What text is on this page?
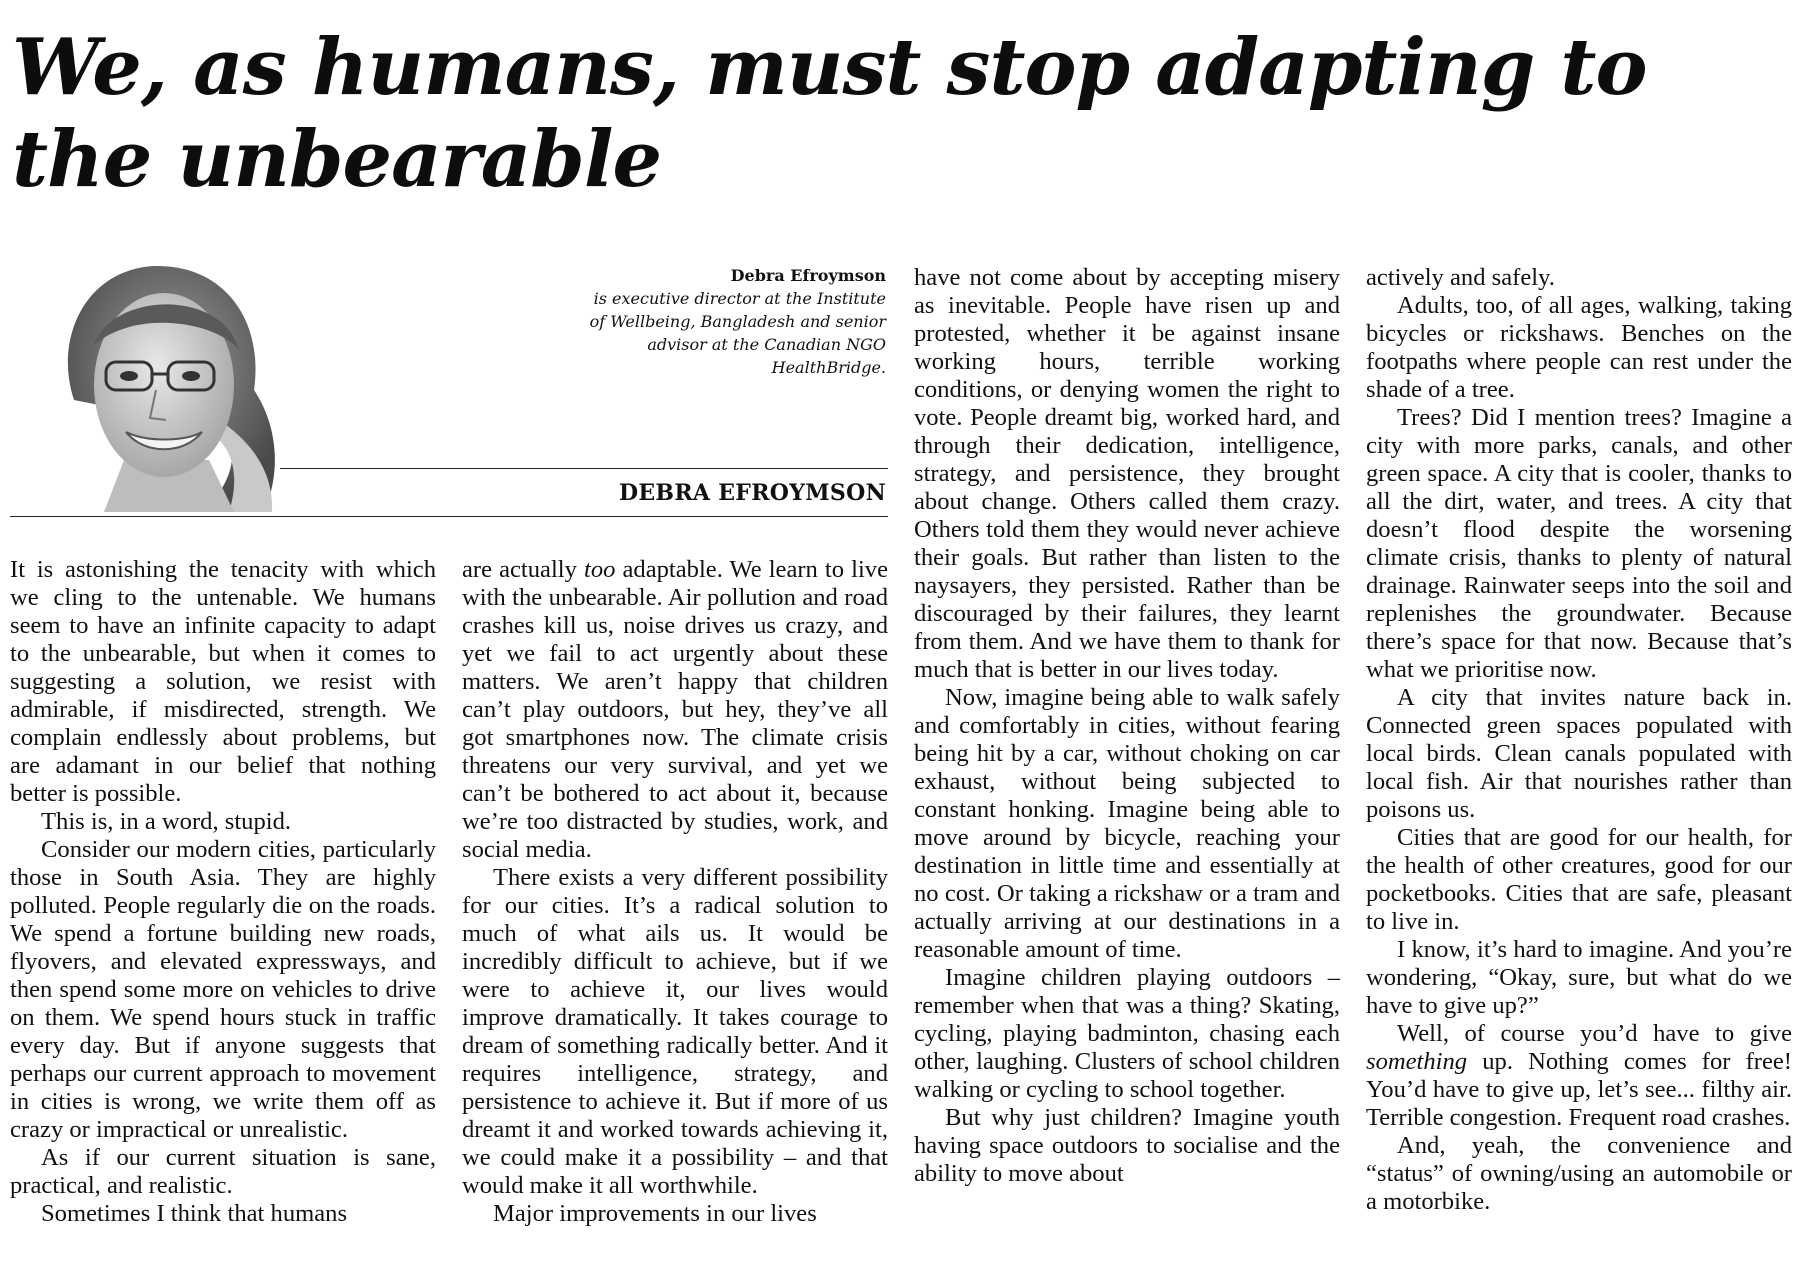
We, as humans, must stop adapting to the unbearable
Debra Efroymson
is executive director at the Institute of Wellbeing, Bangladesh and senior advisor at the Canadian NGO HealthBridge.
DEBRA EFROYMSON

It is astonishing the tenacity with which we cling to the untenable. We humans seem to have an infinite capacity to adapt to the unbearable, but when it comes to suggesting a solution, we resist with admirable, if misdirected, strength. We complain endlessly about problems, but are adamant in our belief that nothing better is possible.

This is, in a word, stupid.

Consider our modern cities, particularly those in South Asia. They are highly polluted. People regularly die on the roads. We spend a fortune building new roads, flyovers, and elevated expressways, and then spend some more on vehicles to drive on them. We spend hours stuck in traffic every day. But if anyone suggests that perhaps our current approach to movement in cities is wrong, we write them off as crazy or impractical or unrealistic.

As if our current situation is sane, practical, and realistic.

Sometimes I think that humans

are actually too adaptable. We learn to live with the unbearable. Air pollution and road crashes kill us, noise drives us crazy, and yet we fail to act urgently about these matters. We aren’t happy that children can’t play outdoors, but hey, they’ve all got smartphones now. The climate crisis threatens our very survival, and yet we can’t be bothered to act about it, because we’re too distracted by studies, work, and social media.

There exists a very different possibility for our cities. It’s a radical solution to much of what ails us. It would be incredibly difficult to achieve, but if we were to achieve it, our lives would improve dramatically. It takes courage to dream of something radically better. And it requires intelligence, strategy, and persistence to achieve it. But if more of us dreamt it and worked towards achieving it, we could make it a possibility – and that would make it all worthwhile.

Major improvements in our lives

have not come about by accepting misery as inevitable. People have risen up and protested, whether it be against insane working hours, terrible working conditions, or denying women the right to vote. People dreamt big, worked hard, and through their dedication, intelligence, strategy, and persistence, they brought about change. Others called them crazy. Others told them they would never achieve their goals. But rather than listen to the naysayers, they persisted. Rather than be discouraged by their failures, they learnt from them. And we have them to thank for much that is better in our lives today.

Now, imagine being able to walk safely and comfortably in cities, without fearing being hit by a car, without choking on car exhaust, without being subjected to constant honking. Imagine being able to move around by bicycle, reaching your destination in little time and essentially at no cost. Or taking a rickshaw or a tram and actually arriving at our destinations in a reasonable amount of time.

Imagine children playing outdoors – remember when that was a thing? Skating, cycling, playing badminton, chasing each other, laughing. Clusters of school children walking or cycling to school together.

But why just children? Imagine youth having space outdoors to socialise and the ability to move about

actively and safely.

Adults, too, of all ages, walking, taking bicycles or rickshaws. Benches on the footpaths where people can rest under the shade of a tree.

Trees? Did I mention trees? Imagine a city with more parks, canals, and other green space. A city that is cooler, thanks to all the dirt, water, and trees. A city that doesn’t flood despite the worsening climate crisis, thanks to plenty of natural drainage. Rainwater seeps into the soil and replenishes the groundwater. Because there’s space for that now. Because that’s what we prioritise now.

A city that invites nature back in. Connected green spaces populated with local birds. Clean canals populated with local fish. Air that nourishes rather than poisons us.

Cities that are good for our health, for the health of other creatures, good for our pocketbooks. Cities that are safe, pleasant to live in.

I know, it’s hard to imagine. And you’re wondering, “Okay, sure, but what do we have to give up?”

Well, of course you’d have to give something up. Nothing comes for free! You’d have to give up, let’s see... filthy air. Terrible congestion. Frequent road crashes.

And, yeah, the convenience and “status” of owning/using an automobile or a motorbike.
